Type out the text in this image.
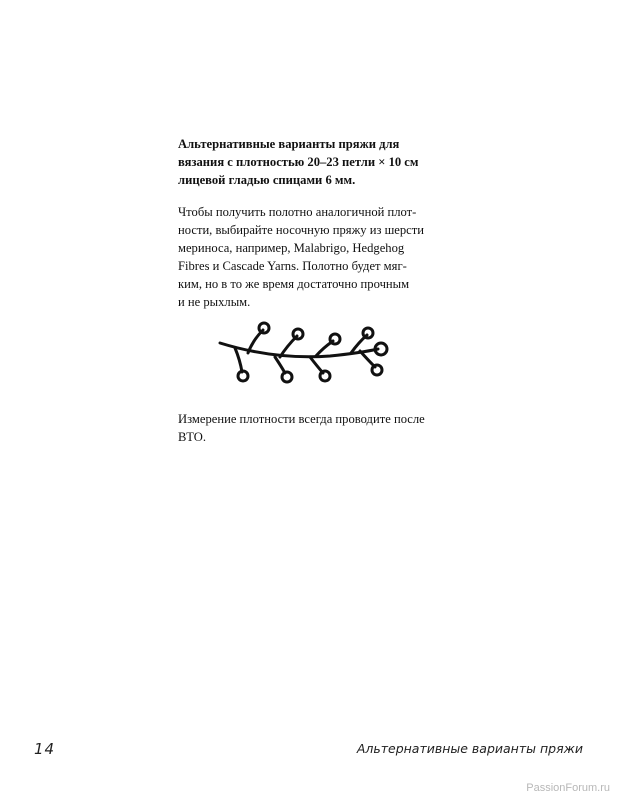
Альтернативные варианты пряжи для
вязания с плотностью 20–23 петли × 10 см
лицевой гладью спицами 6 мм.
Чтобы получить полотно аналогичной плот-
ности, выбирайте носочную пряжу из шерсти
мериноса, например, Malabrigo, Hedgehog
Fibres и Cascade Yarns. Полотно будет мяг-
ким, но в то же время достаточно прочным
и не рыхлым.
Измерение плотности всегда проводите после
ВТО.
14	Альтернативные варианты пряжи
PassionForum.ru
